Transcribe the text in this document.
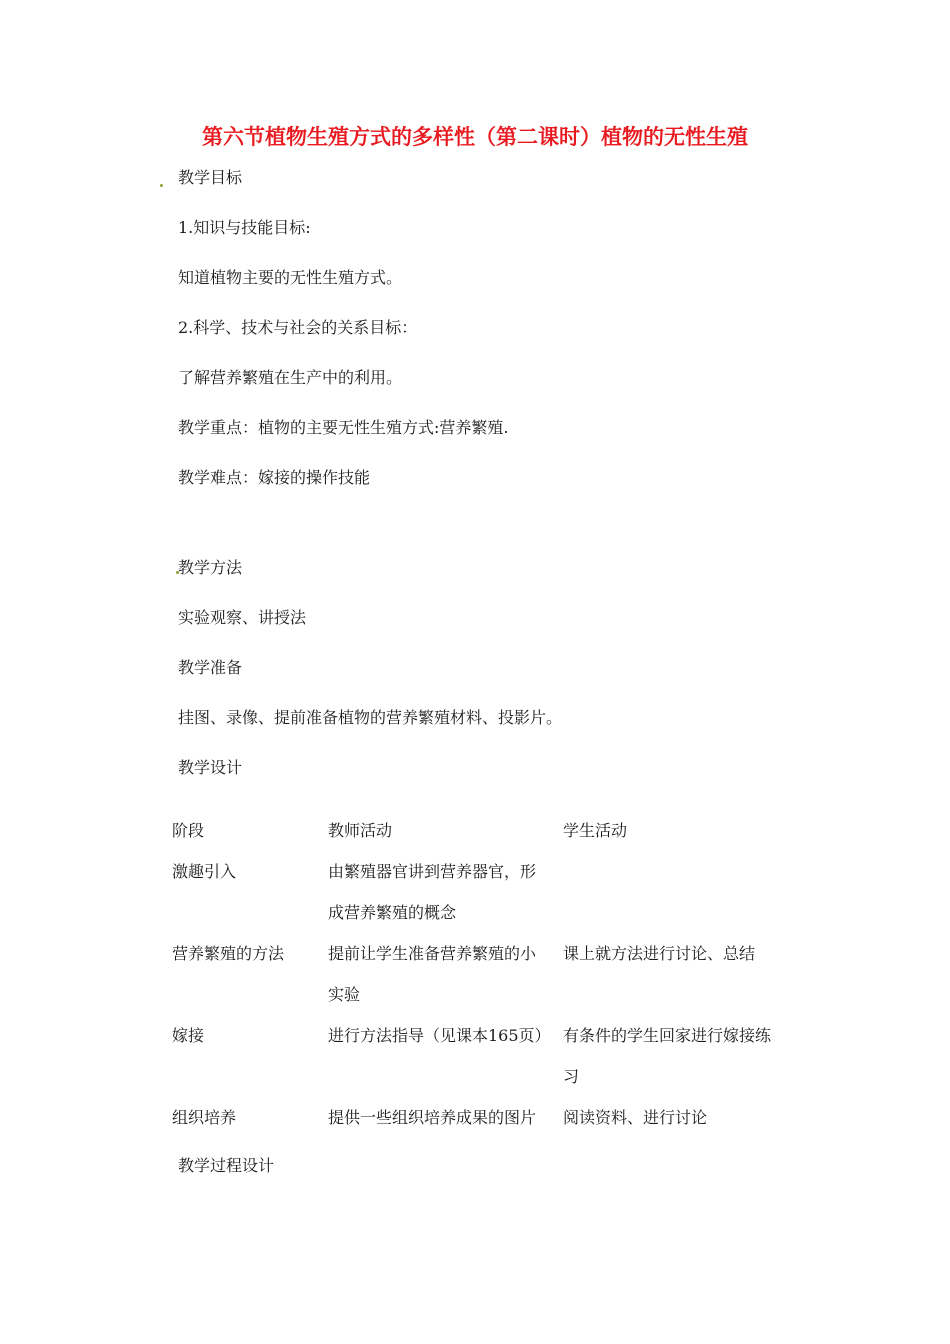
第六节植物生殖方式的多样性（第二课时）植物的无性生殖
教学目标
1.知识与技能目标:
知道植物主要的无性生殖方式。
2.科学、技术与社会的关系目标：
了解营养繁殖在生产中的利用。
教学重点：植物的主要无性生殖方式:营养繁殖.
教学难点：嫁接的操作技能
教学方法
实验观察、讲授法
教学准备
挂图、录像、提前准备植物的营养繁殖材料、投影片。
教学设计
阶段	教师活动	学生活动
激趣引入	由繁殖器官讲到营养器官，形成营养繁殖的概念	

营养繁殖的方法	提前让学生准备营养繁殖的小实验	课上就方法进行讨论、总结

嫁接	进行方法指导（见课本165页）	有条件的学生回家进行嫁接练习

组织培养	提供一些组织培养成果的图片	阅读资料、进行讨论
教学过程设计
